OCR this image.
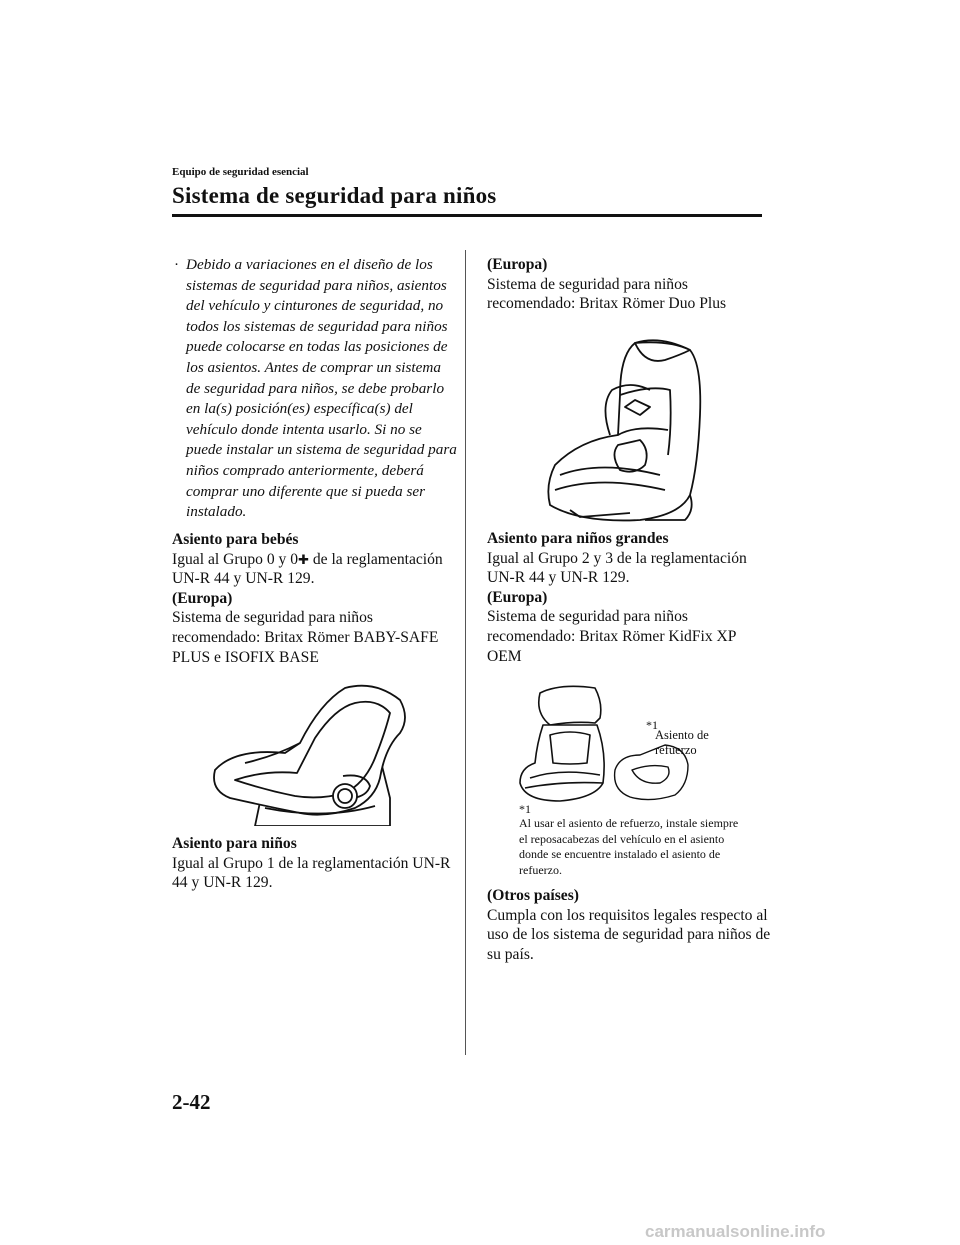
Equipo de seguridad esencial
Sistema de seguridad para niños
· Debido a variaciones en el diseño de los sistemas de seguridad para niños, asientos del vehículo y cinturones de seguridad, no todos los sistemas de seguridad para niños puede colocarse en todas las posiciones de los asientos. Antes de comprar un sistema de seguridad para niños, se debe probarlo en la(s) posición(es) específica(s) del vehículo donde intenta usarlo. Si no se puede instalar un sistema de seguridad para niños comprado anteriormente, deberá comprar uno diferente que si pueda ser instalado.
Asiento para bebés
Igual al Grupo 0 y 0✚ de la reglamentación UN-R 44 y UN-R 129.
(Europa)
Sistema de seguridad para niños recomendado: Britax Römer BABY-SAFE PLUS e ISOFIX BASE
Asiento para niños
Igual al Grupo 1 de la reglamentación UN-R 44 y UN-R 129.
(Europa)
Sistema de seguridad para niños recomendado: Britax Römer Duo Plus
Asiento para niños grandes
Igual al Grupo 2 y 3 de la reglamentación UN-R 44 y UN-R 129.
(Europa)
Sistema de seguridad para niños recomendado: Britax Römer KidFix XP OEM
*1
Asiento de refuerzo
*1
Al usar el asiento de refuerzo, instale siempre el reposacabezas del vehículo en el asiento donde se encuentre instalado el asiento de refuerzo.
(Otros países)
Cumpla con los requisitos legales respecto al uso de los sistema de seguridad para niños de su país.
2-42
carmanualsonline.info
